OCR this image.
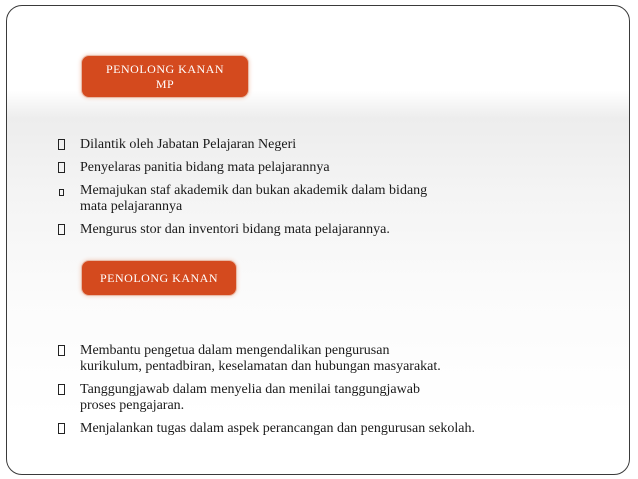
PENOLONG KANAN
MP
Dilantik oleh Jabatan Pelajaran Negeri
Penyelaras panitia bidang mata pelajarannya
Memajukan staf akademik dan bukan akademik dalam bidang
mata pelajarannya
Mengurus stor dan inventori bidang mata pelajarannya.
PENOLONG KANAN
Membantu pengetua dalam mengendalikan pengurusan
kurikulum, pentadbiran, keselamatan dan hubungan masyarakat.
Tanggungjawab dalam menyelia dan menilai tanggungjawab
proses pengajaran.
Menjalankan tugas dalam aspek perancangan dan pengurusan sekolah.
